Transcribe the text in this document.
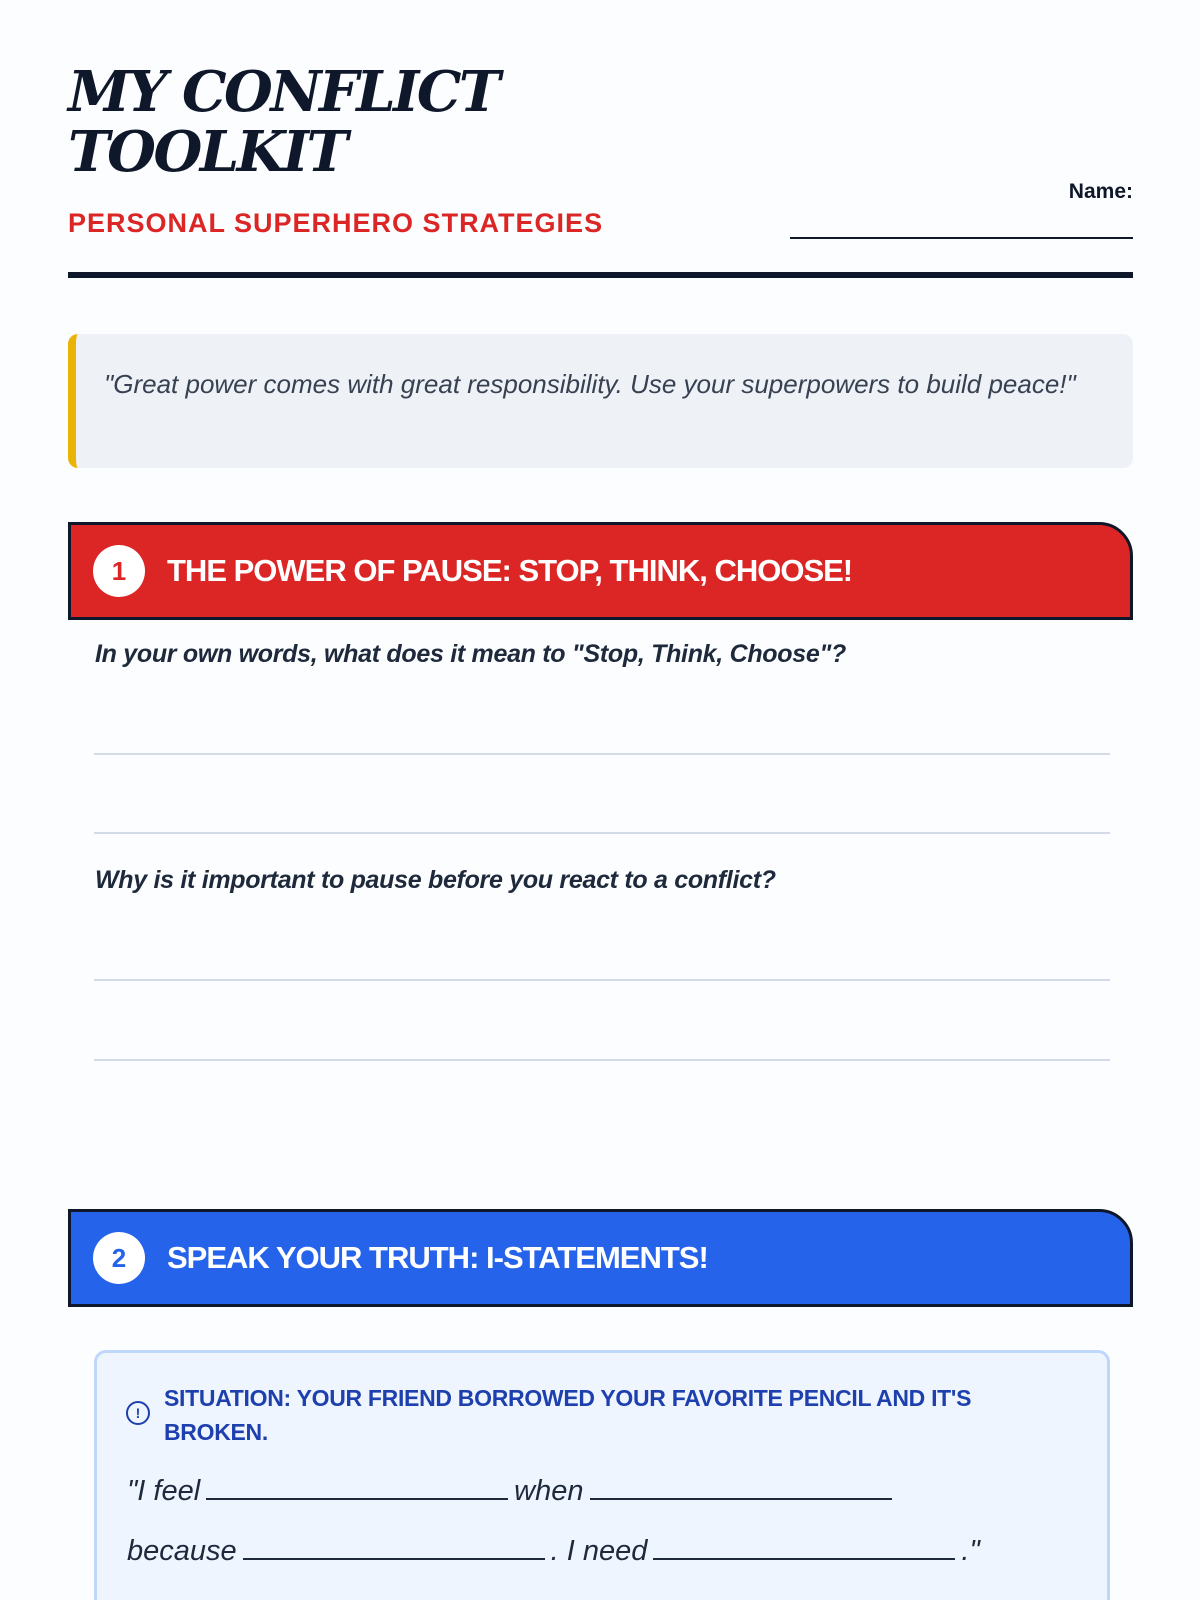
MY CONFLICT TOOLKIT
PERSONAL SUPERHERO STRATEGIES
Name:

"Great power comes with great responsibility. Use your superpowers to build peace!"

1	THE POWER OF PAUSE: STOP, THINK, CHOOSE!
In your own words, what does it mean to "Stop, Think, Choose"?
Why is it important to pause before you react to a conflict?
2	SPEAK YOUR TRUTH: I-STATEMENTS!
!
SITUATION: YOUR FRIEND BORROWED YOUR FAVORITE PENCIL AND IT'S BROKEN.
"I feel	when
because	. I need	."
